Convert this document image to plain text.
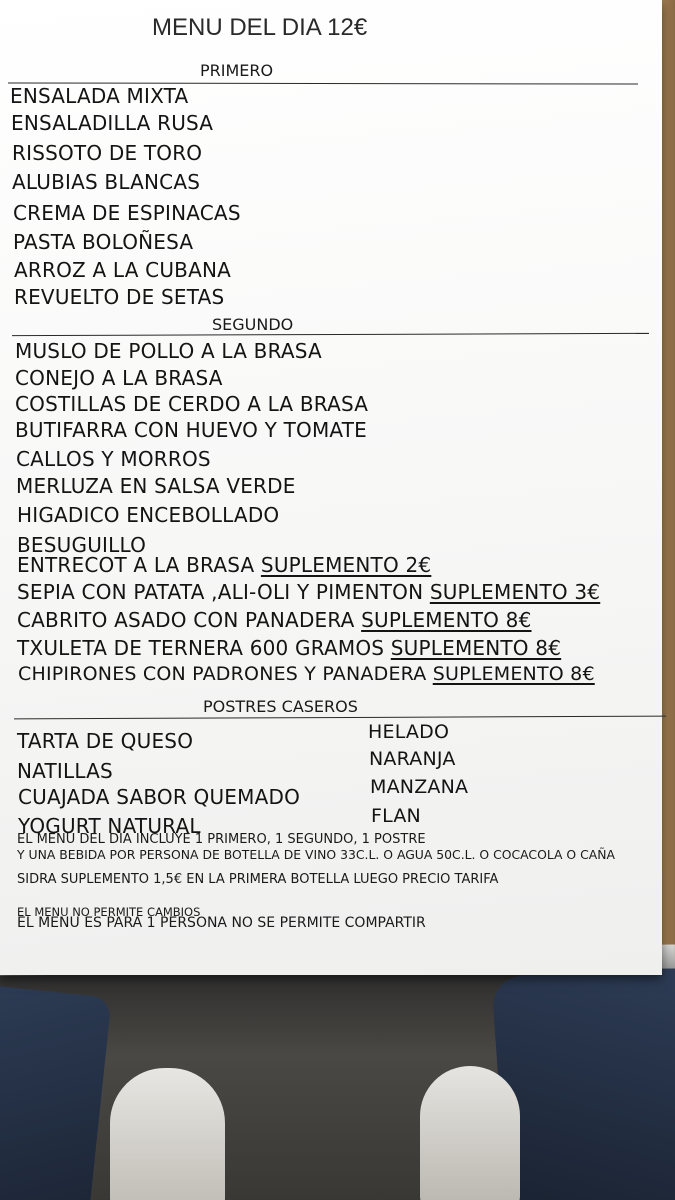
MENU DEL DIA 12€
PRIMERO
ENSALADA MIXTA
ENSALADILLA RUSA
RISSOTO DE TORO
ALUBIAS BLANCAS
CREMA DE ESPINACAS
PASTA BOLOÑESA
ARROZ A LA CUBANA
REVUELTO DE SETAS
SEGUNDO
MUSLO DE POLLO A LA BRASA
CONEJO A LA BRASA
COSTILLAS DE CERDO A LA BRASA
BUTIFARRA CON HUEVO Y TOMATE
CALLOS Y MORROS
MERLUZA EN SALSA VERDE
HIGADICO ENCEBOLLADO
BESUGUILLO
ENTRECOT A LA BRASA SUPLEMENTO 2€
SEPIA CON PATATA ,ALI-OLI Y PIMENTON SUPLEMENTO 3€
CABRITO ASADO CON PANADERA SUPLEMENTO 8€
TXULETA DE TERNERA 600 GRAMOS SUPLEMENTO 8€
CHIPIRONES CON PADRONES Y PANADERA SUPLEMENTO 8€
POSTRES CASEROS
TARTA DE QUESO
NATILLAS
CUAJADA SABOR QUEMADO
YOGURT NATURAL
HELADO
NARANJA
MANZANA
FLAN
EL MENU DEL DIA INCLUYE 1 PRIMERO, 1 SEGUNDO, 1 POSTRE
Y UNA BEBIDA POR PERSONA DE BOTELLA DE VINO 33C.L. O AGUA 50C.L. O COCACOLA O CAÑA
SIDRA SUPLEMENTO 1,5€ EN LA PRIMERA BOTELLA LUEGO PRECIO TARIFA
EL MENU NO PERMITE CAMBIOS
EL MENU ES PARA 1 PERSONA NO SE PERMITE COMPARTIR
